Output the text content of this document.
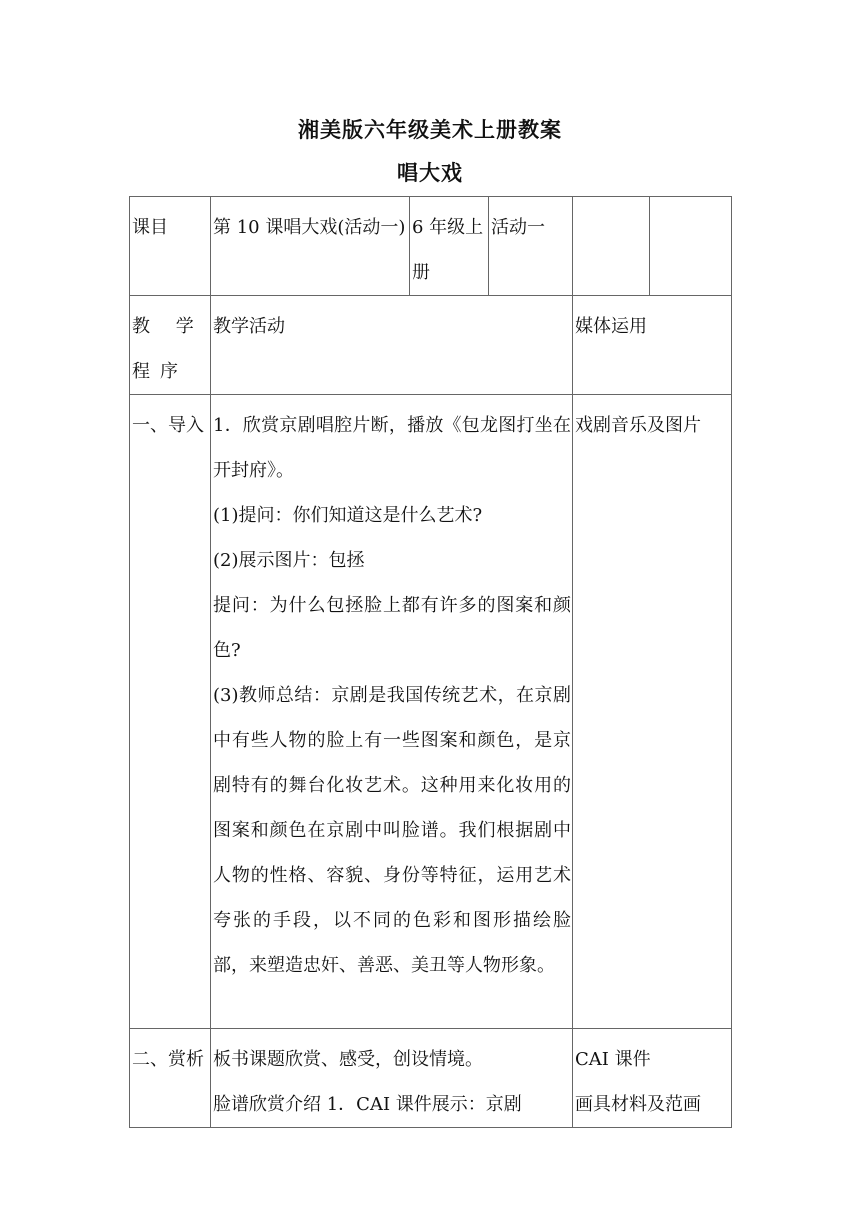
湘美版六年级美术上册教案
唱大戏
课目	第 10 课唱大戏(活动一)	6 年级上册	活动一		
教 学 程序	教学活动			媒体运用	
一、导入	1．欣赏京剧唱腔片断，播放《包龙图打坐在开封府》。
(1)提问：你们知道这是什么艺术?
(2)展示图片：包拯
提问：为什么包拯脸上都有许多的图案和颜色?
(3)教师总结：京剧是我国传统艺术，在京剧中有些人物的脸上有一些图案和颜色，是京剧特有的舞台化妆艺术。这种用来化妆用的图案和颜色在京剧中叫脸谱。我们根据剧中人物的性格、容貌、身份等特征，运用艺术夸张的手段，以不同的色彩和图形描绘脸部，来塑造忠奸、善恶、美丑等人物形象。			戏剧音乐及图片	
二、赏析	板书课题欣赏、感受，创设情境。
脸谱欣赏介绍 1．CAI 课件展示：京剧			CAI 课件
画具材料及范画	
